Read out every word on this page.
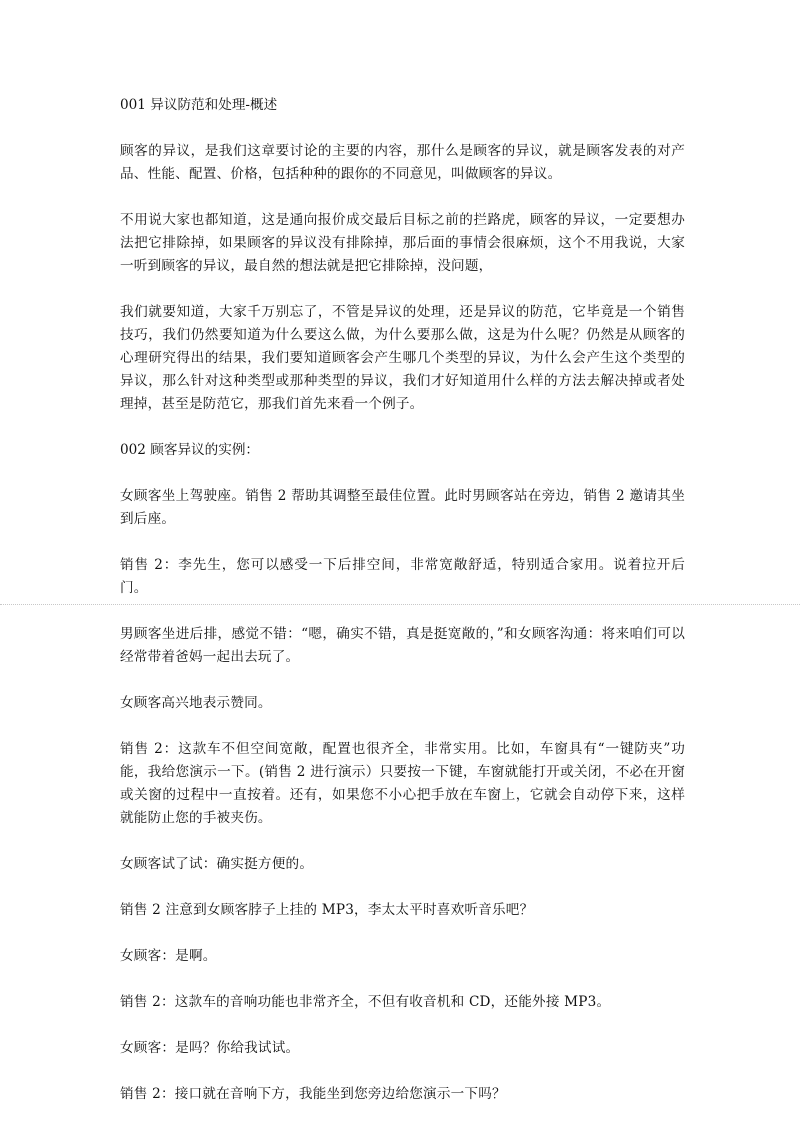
001 异议防范和处理-概述

顾客的异议，是我们这章要讨论的主要的内容，那什么是顾客的异议，就是顾客发表的对产品、性能、配置、价格，包括种种的跟你的不同意见，叫做顾客的异议。

不用说大家也都知道，这是通向报价成交最后目标之前的拦路虎，顾客的异议，一定要想办法把它排除掉，如果顾客的异议没有排除掉，那后面的事情会很麻烦，这个不用我说，大家一听到顾客的异议，最自然的想法就是把它排除掉，没问题，

我们就要知道，大家千万别忘了，不管是异议的处理，还是异议的防范，它毕竟是一个销售技巧，我们仍然要知道为什么要这么做，为什么要那么做，这是为什么呢？仍然是从顾客的心理研究得出的结果，我们要知道顾客会产生哪几个类型的异议，为什么会产生这个类型的异议，那么针对这种类型或那种类型的异议，我们才好知道用什么样的方法去解决掉或者处理掉，甚至是防范它，那我们首先来看一个例子。

002 顾客异议的实例：

女顾客坐上驾驶座。销售 2 帮助其调整至最佳位置。此时男顾客站在旁边，销售 2 邀请其坐到后座。

销售 2：李先生，您可以感受一下后排空间，非常宽敞舒适，特别适合家用。说着拉开后门。

男顾客坐进后排，感觉不错：“嗯，确实不错，真是挺宽敞的，”和女顾客沟通：将来咱们可以经常带着爸妈一起出去玩了。

女顾客高兴地表示赞同。

销售 2：这款车不但空间宽敞，配置也很齐全，非常实用。比如，车窗具有“一键防夹”功能，我给您演示一下。(销售 2 进行演示）只要按一下键，车窗就能打开或关闭，不必在开窗或关窗的过程中一直按着。还有，如果您不小心把手放在车窗上，它就会自动停下来，这样就能防止您的手被夹伤。

女顾客试了试：确实挺方便的。

销售 2 注意到女顾客脖子上挂的 MP3，李太太平时喜欢听音乐吧？

女顾客：是啊。

销售 2：这款车的音响功能也非常齐全，不但有收音机和 CD，还能外接 MP3。

女顾客：是吗？你给我试试。

销售 2：接口就在音响下方，我能坐到您旁边给您演示一下吗？
